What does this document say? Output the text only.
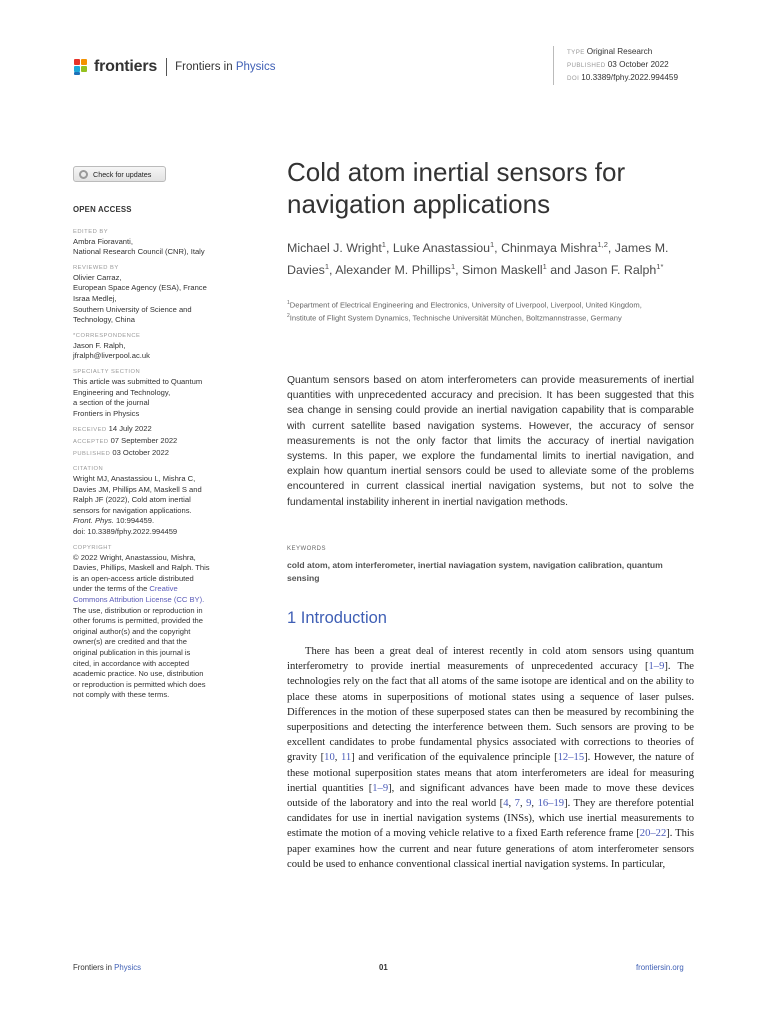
frontiers Frontiers in Physics
TYPE Original Research
PUBLISHED 03 October 2022
DOI 10.3389/fphy.2022.994459
Check for updates
OPEN ACCESS
EDITED BY
Ambra Fioravanti,
National Research Council (CNR), Italy
REVIEWED BY
Olivier Carraz,
European Space Agency (ESA), France
Israa Medlej,
Southern University of Science and
Technology, China
*CORRESPONDENCE
Jason F. Ralph,
jfralph@liverpool.ac.uk
SPECIALTY SECTION
This article was submitted to Quantum
Engineering and Technology,
a section of the journal
Frontiers in Physics
RECEIVED 14 July 2022
ACCEPTED 07 September 2022
PUBLISHED 03 October 2022
CITATION
Wright MJ, Anastassiou L, Mishra C,
Davies JM, Phillips AM, Maskell S and
Ralph JF (2022), Cold atom inertial
sensors for navigation applications.
Front. Phys. 10:994459.
doi: 10.3389/fphy.2022.994459
COPYRIGHT
© 2022 Wright, Anastassiou, Mishra,
Davies, Phillips, Maskell and Ralph. This
is an open-access article distributed
under the terms of the Creative
Commons Attribution License (CC BY).
The use, distribution or reproduction in
other forums is permitted, provided the
original author(s) and the copyright
owner(s) are credited and that the
original publication in this journal is
cited, in accordance with accepted
academic practice. No use, distribution
or reproduction is permitted which does
not comply with these terms.
Cold atom inertial sensors for navigation applications

Michael J. Wright$^1$, Luke Anastassiou$^1$, Chinmaya Mishra$^{1,2}$, James M. Davies$^1$, Alexander M. Phillips$^1$, Simon Maskell$^1$ and Jason F. Ralph$^{1*}$

$^1$Department of Electrical Engineering and Electronics, University of Liverpool, Liverpool, United Kingdom, $^2$Institute of Flight System Dynamics, Technische Universität München, Boltzmannstrasse, Germany

Quantum sensors based on atom interferometers can provide measurements of inertial quantities with unprecedented accuracy and precision. It has been suggested that this sea change in sensing could provide an inertial navigation capability that is comparable with current satellite based navigation systems. However, the accuracy of sensor measurements is not the only factor that limits the accuracy of inertial navigation systems. In this paper, we explore the fundamental limits to inertial navigation, and explain how quantum inertial sensors could be used to alleviate some of the problems encountered in current classical inertial navigation systems, but not to solve the fundamental instability inherent in inertial navigation methods.

KEYWORDS

cold atom, atom interferometer, inertial naviagation system, navigation calibration, quantum sensing

1 Introduction

There has been a great deal of interest recently in cold atom sensors using quantum interferometry to provide inertial measurements of unprecedented accuracy [1–9]. The technologies rely on the fact that all atoms of the same isotope are identical and on the ability to place these atoms in superpositions of motional states using a sequence of laser pulses. Differences in the motion of these superposed states can then be measured by recombining the superpositions and detecting the interference between them. Such sensors are proving to be excellent candidates to probe fundamental physics associated with corrections to theories of gravity [10, 11] and verification of the equivalence principle [12–15]. However, the nature of these motional superposition states means that atom interferometers are ideal for measuring inertial quantities [1–9], and significant advances have been made to move these devices outside of the laboratory and into the real world [4, 7, 9, 16–19]. They are therefore potential candidates for use in inertial navigation systems (INSs), which use inertial measurements to estimate the motion of a moving vehicle relative to a fixed Earth reference frame [20–22]. This paper examines how the current and near future generations of atom interferometer sensors could be used to enhance conventional classical inertial navigation systems. In particular,

Frontiers in Physics	01	frontiersin.org
